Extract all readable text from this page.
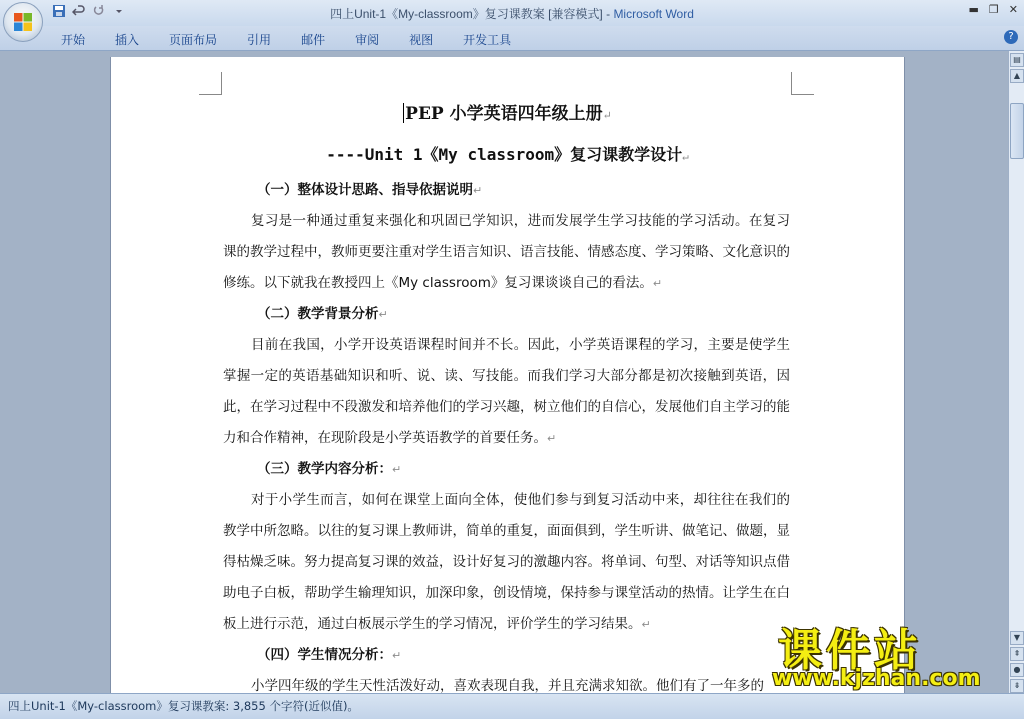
四上Unit-1《My-classroom》复习课教案 [兼容模式] - Microsoft Word	▬ ❐ ✕
开始	插入	页面布局	引用	邮件	审阅	视图	开发工具	?
PEP 小学英语四年级上册↵
----Unit 1《My classroom》复习课教学设计↵
（一）整体设计思路、指导依据说明↵
复习是一种通过重复来强化和巩固已学知识，进而发展学生学习技能的学习活动。在复习课的教学过程中，教师更要注重对学生语言知识、语言技能、情感态度、学习策略、文化意识的修练。以下就我在教授四上《My classroom》复习课谈谈自己的看法。↵
（二）教学背景分析↵
目前在我国，小学开设英语课程时间并不长。因此，小学英语课程的学习，主要是使学生掌握一定的英语基础知识和听、说、读、写技能。而我们学习大部分都是初次接触到英语，因此，在学习过程中不段激发和培养他们的学习兴趣，树立他们的自信心，发展他们自主学习的能力和合作精神，在现阶段是小学英语教学的首要任务。↵
（三）教学内容分析：↵
对于小学生而言，如何在课堂上面向全体，使他们参与到复习活动中来，却往往在我们的教学中所忽略。以往的复习课上教师讲，简单的重复，面面俱到，学生听讲、做笔记、做题，显得枯燥乏味。努力提高复习课的效益，设计好复习的激趣内容。将单词、句型、对话等知识点借助电子白板，帮助学生输理知识，加深印象，创设情境，保持参与课堂活动的热情。让学生在白板上进行示范，通过白板展示学生的学习情况，评价学生的学习结果。↵
（四）学生情况分析：↵
小学四年级的学生天性活泼好动，喜欢表现自我，并且充满求知欲。他们有了一年多的
▤
▲
▼
⇞
●
⇟
四上Unit-1《My-classroom》复习课教案: 3,855 个字符(近似值)。
课件站
www.kjzhan.com
